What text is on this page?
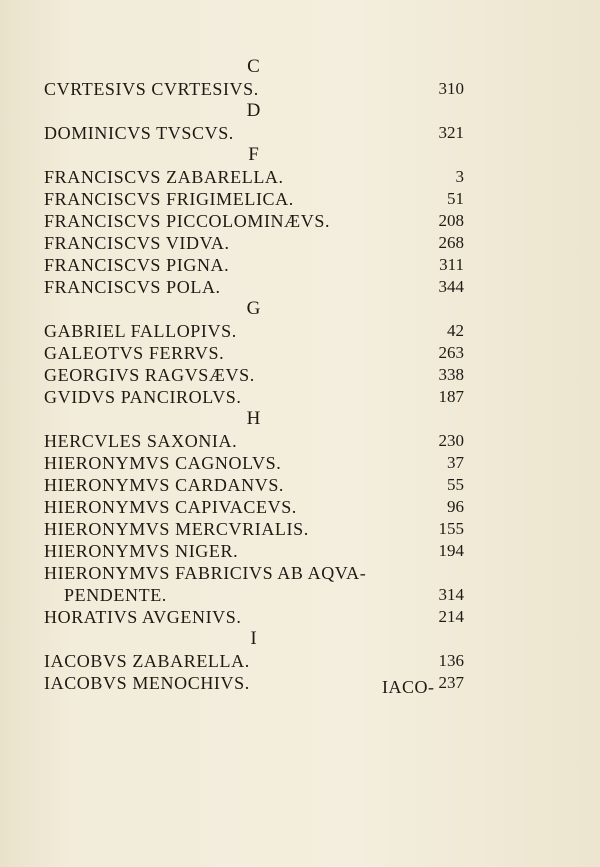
C
CVRTESIVS CVRTESIVS.	310
D
DOMINICVS TVSCVS.	321
F
FRANCISCVS ZABARELLA.	3
FRANCISCVS FRIGIMELICA.	51
FRANCISCVS PICCOLOMINÆVS.	208
FRANCISCVS VIDVA.	268
FRANCISCVS PIGNA.	311
FRANCISCVS POLA.	344
G
GABRIEL FALLOPIVS.	42
GALEOTVS FERRVS.	263
GEORGIVS RAGVSÆVS.	338
GVIDVS PANCIROLVS.	187
H
HERCVLES SAXONIA.	230
HIERONYMVS CAGNOLVS.	37
HIERONYMVS CARDANVS.	55
HIERONYMVS CAPIVACEVS.	96
HIERONYMVS MERCVRIALIS.	155
HIERONYMVS NIGER.	194
HIERONYMVS FABRICIVS AB AQVA-
PENDENTE.	314
HORATIVS AVGENIVS.	214
I
IACOBVS ZABARELLA.	136
IACOBVS MENOCHIVS.	237
IACO-
